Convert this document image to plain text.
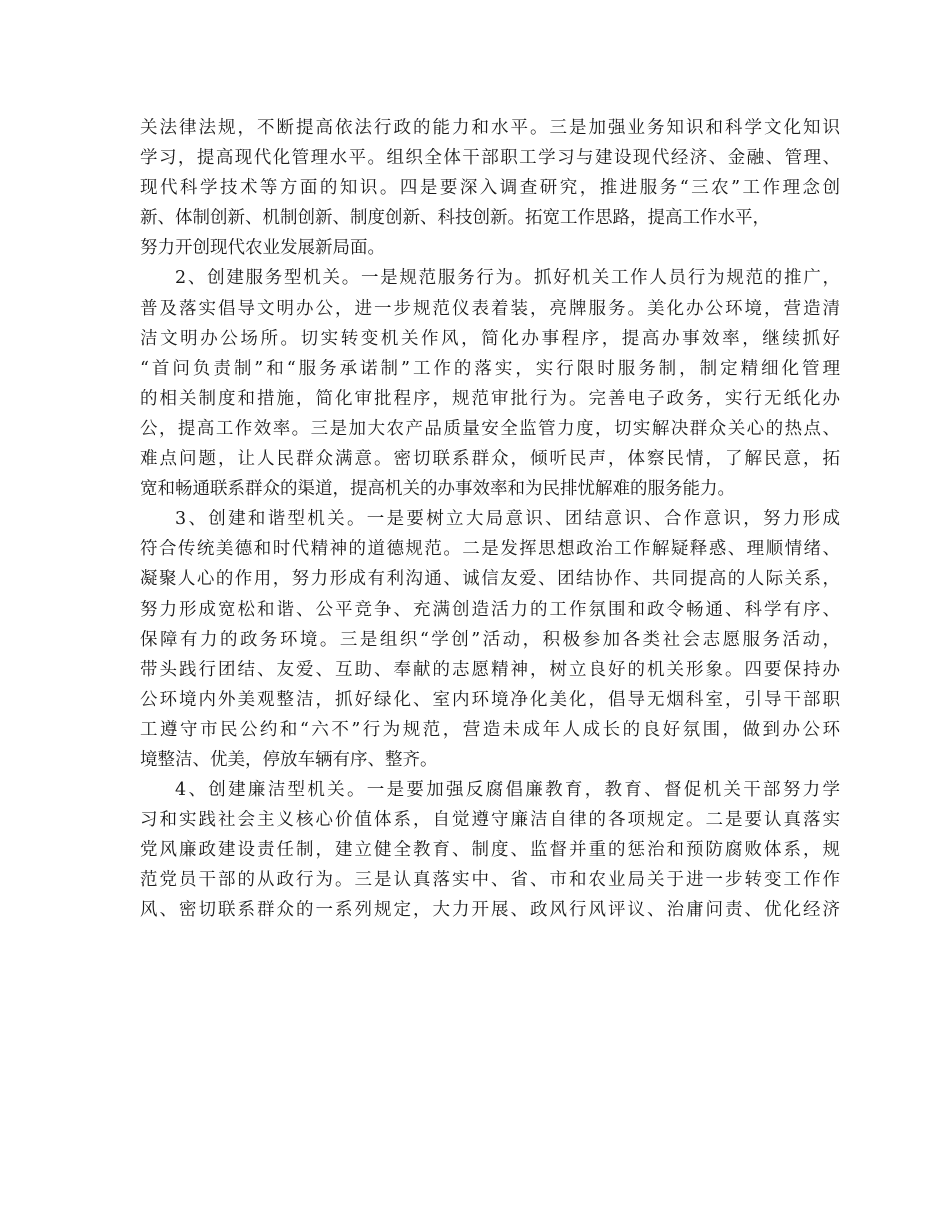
关法律法规，不断提高依法行政的能力和水平。三是加强业务知识和科学文化知识
学习，提高现代化管理水平。组织全体干部职工学习与建设现代经济、金融、管理、
现代科学技术等方面的知识。四是要深入调查研究，推进服务“三农”工作理念创
新、体制创新、机制创新、制度创新、科技创新。拓宽工作思路，提高工作水平，
努力开创现代农业发展新局面。
2、创建服务型机关。一是规范服务行为。抓好机关工作人员行为规范的推广，
普及落实倡导文明办公，进一步规范仪表着装，亮牌服务。美化办公环境，营造清
洁文明办公场所。切实转变机关作风，简化办事程序，提高办事效率，继续抓好
“首问负责制”和“服务承诺制”工作的落实，实行限时服务制，制定精细化管理
的相关制度和措施，简化审批程序，规范审批行为。完善电子政务，实行无纸化办
公，提高工作效率。三是加大农产品质量安全监管力度，切实解决群众关心的热点、
难点问题，让人民群众满意。密切联系群众，倾听民声，体察民情，了解民意，拓
宽和畅通联系群众的渠道，提高机关的办事效率和为民排忧解难的服务能力。
3、创建和谐型机关。一是要树立大局意识、团结意识、合作意识，努力形成
符合传统美德和时代精神的道德规范。二是发挥思想政治工作解疑释惑、理顺情绪、
凝聚人心的作用，努力形成有利沟通、诚信友爱、团结协作、共同提高的人际关系，
努力形成宽松和谐、公平竞争、充满创造活力的工作氛围和政令畅通、科学有序、
保障有力的政务环境。三是组织“学创”活动，积极参加各类社会志愿服务活动，
带头践行团结、友爱、互助、奉献的志愿精神，树立良好的机关形象。四要保持办
公环境内外美观整洁，抓好绿化、室内环境净化美化，倡导无烟科室，引导干部职
工遵守市民公约和“六不”行为规范，营造未成年人成长的良好氛围，做到办公环
境整洁、优美，停放车辆有序、整齐。
4、创建廉洁型机关。一是要加强反腐倡廉教育，教育、督促机关干部努力学
习和实践社会主义核心价值体系，自觉遵守廉洁自律的各项规定。二是要认真落实
党风廉政建设责任制，建立健全教育、制度、监督并重的惩治和预防腐败体系，规
范党员干部的从政行为。三是认真落实中、省、市和农业局关于进一步转变工作作
风、密切联系群众的一系列规定，大力开展、政风行风评议、治庸问责、优化经济
